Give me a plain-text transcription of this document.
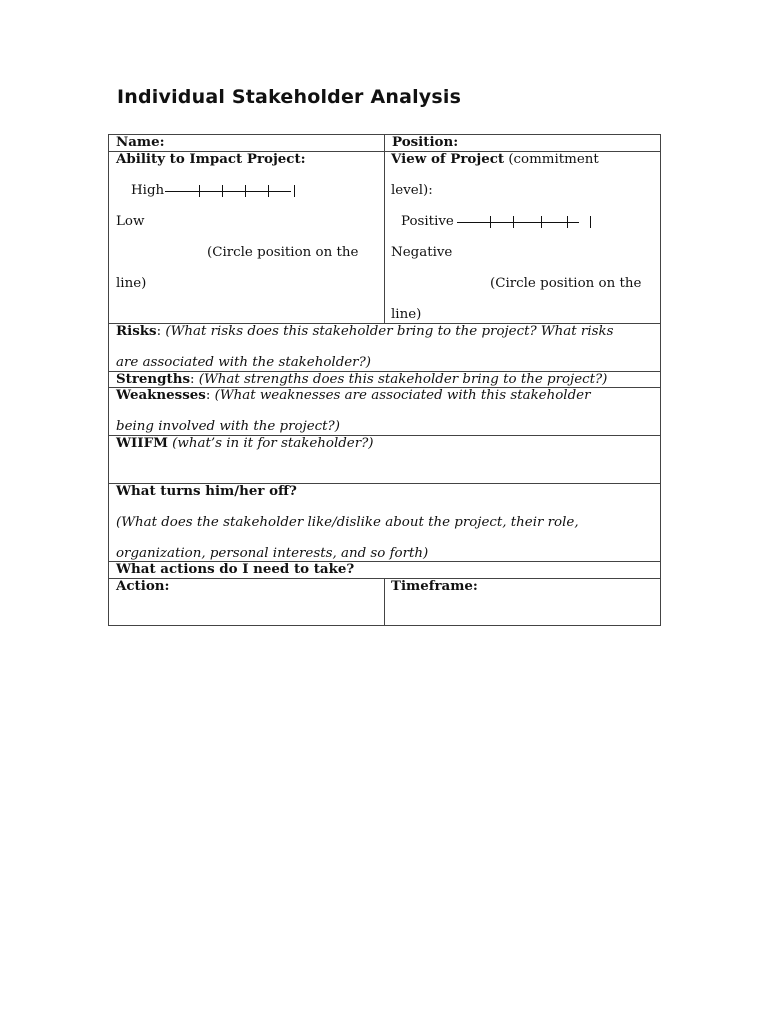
Individual Stakeholder Analysis
Name:	Position:
Ability to Impact Project:
High
Low
(Circle position on the
line)
View of Project (commitment
level):
Positive
Negative
(Circle position on the
line)
Risks: (What risks does this stakeholder bring to the project? What risks
are associated with the stakeholder?)
Strengths: (What strengths does this stakeholder bring to the project?)
Weaknesses: (What weaknesses are associated with this stakeholder
being involved with the project?)
WIIFM (what’s in it for stakeholder?)
What turns him/her off?
(What does the stakeholder like/dislike about the project, their role,
organization, personal interests, and so forth)
What actions do I need to take?
Action:	Timeframe:
